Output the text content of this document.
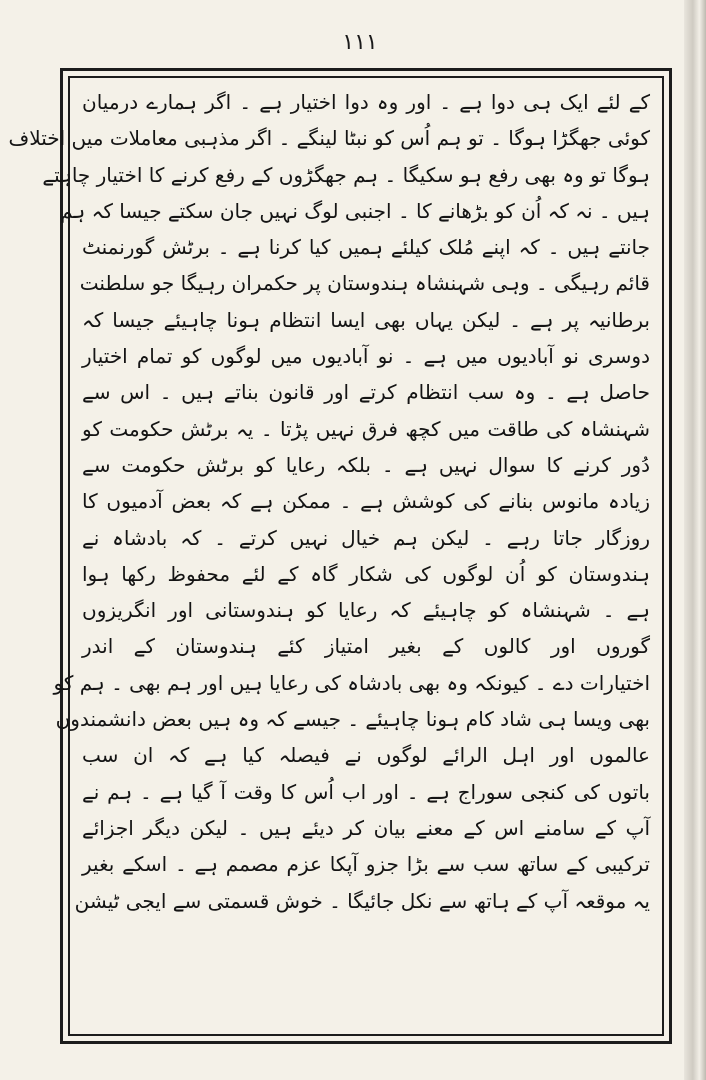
١١١
کے لئے ایک ہی دوا ہے ۔ اور وہ دوا اختیار ہے ۔ اگر ہمارے درمیان
کوئی جھگڑا ہوگا ۔ تو ہم اُس کو نبٹا لینگے ۔ اگر مذہبی معاملات میں اختلاف
ہوگا تو وہ بھی رفع ہو سکیگا ۔ ہم جھگڑوں کے رفع کرنے کا اختیار چاہتے
ہیں ۔ نہ کہ اُن کو بڑھانے کا ۔ اجنبی لوگ نہیں جان سکتے جیسا کہ ہم
جانتے ہیں ۔ کہ اپنے مُلک کیلئے ہمیں کیا کرنا ہے ۔ برٹش گورنمنٹ
قائم رہیگی ۔ وہی شہنشاہ ہندوستان پر حکمران رہیگا جو سلطنت
برطانیہ پر ہے ۔ لیکن یہاں بھی ایسا انتظام ہونا چاہیئے جیسا کہ
دوسری نو آبادیوں میں ہے ۔ نو آبادیوں میں لوگوں کو تمام اختیار
حاصل ہے ۔ وہ سب انتظام کرتے اور قانون بناتے ہیں ۔ اس سے
شہنشاہ کی طاقت میں کچھ فرق نہیں پڑتا ۔ یہ برٹش حکومت کو
دُور کرنے کا سوال نہیں ہے ۔ بلکہ رعایا کو برٹش حکومت سے
زیادہ مانوس بنانے کی کوشش ہے ۔ ممکن ہے کہ بعض آدمیوں کا
روزگار جاتا رہے ۔ لیکن ہم خیال نہیں کرتے ۔ کہ بادشاہ نے
ہندوستان کو اُن لوگوں کی شکار گاہ کے لئے محفوظ رکھا ہوا
ہے ۔ شہنشاہ کو چاہیئے کہ رعایا کو ہندوستانی اور انگریزوں
گوروں اور کالوں کے بغیر امتیاز کئے ہندوستان کے اندر
اختیارات دے ۔ کیونکہ وہ بھی بادشاہ کی رعایا ہیں اور ہم بھی ۔ ہم کو
بھی ویسا ہی شاد کام ہونا چاہیئے ۔ جیسے کہ وہ ہیں بعض دانشمندوں
عالموں اور اہل الرائے لوگوں نے فیصلہ کیا ہے کہ ان سب
باتوں کی کنجی سوراج ہے ۔ اور اب اُس کا وقت آ گیا ہے ۔ ہم نے
آپ کے سامنے اس کے معنے بیان کر دیئے ہیں ۔ لیکن دیگر اجزائے
ترکیبی کے ساتھ سب سے بڑا جزو آپکا عزم مصمم ہے ۔ اسکے بغیر
یہ موقعہ آپ کے ہاتھ سے نکل جائیگا ۔ خوش قسمتی سے ایجی ٹیشن
